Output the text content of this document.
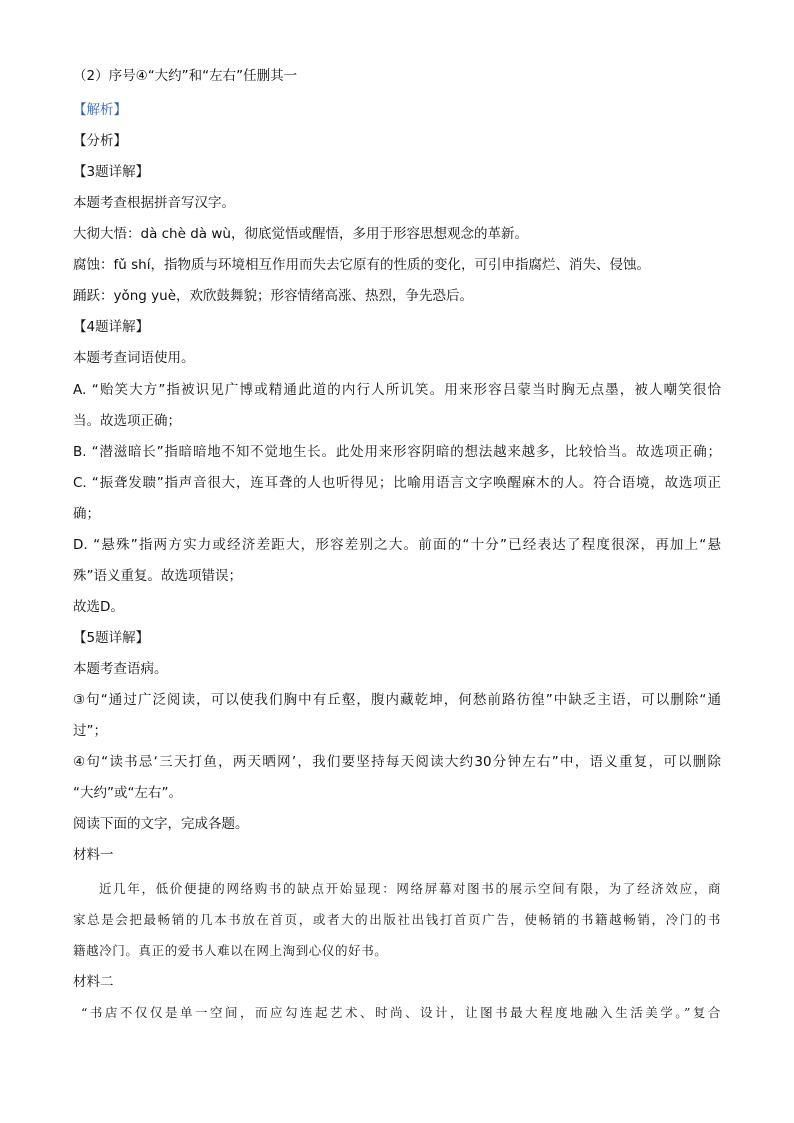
（2）序号④“大约”和“左右”任删其一
【解析】
【分析】
【3题详解】
本题考查根据拼音写汉字。
大彻大悟：dà chè dà wù，彻底觉悟或醒悟，多用于形容思想观念的革新。
腐蚀：fǔ shí，指物质与环境相互作用而失去它原有的性质的变化，可引申指腐烂、消失、侵蚀。
踊跃：yǒng yuè，欢欣鼓舞貌；形容情绪高涨、热烈，争先恐后。
【4题详解】
本题考查词语使用。
A. “贻笑大方”指被识见广博或精通此道的内行人所讥笑。用来形容吕蒙当时胸无点墨，被人嘲笑很恰
当。故选项正确；
B. “潜滋暗长”指暗暗地不知不觉地生长。此处用来形容阴暗的想法越来越多，比较恰当。故选项正确；
C. “振聋发聩”指声音很大，连耳聋的人也听得见；比喻用语言文字唤醒麻木的人。符合语境，故选项正
确；
D. “悬殊”指两方实力或经济差距大，形容差别之大。前面的“十分”已经表达了程度很深，再加上“悬
殊”语义重复。故选项错误；
故选D。
【5题详解】
本题考查语病。
③句“通过广泛阅读，可以使我们胸中有丘壑，腹内藏乾坤，何愁前路彷徨”中缺乏主语，可以删除“通
过”；
④句“读书忌‘三天打鱼，两天晒网’，我们要坚持每天阅读大约30分钟左右”中，语义重复，可以删除
“大约”或“左右”。
阅读下面的文字，完成各题。
材料一
近几年，低价便捷的网络购书的缺点开始显现：网络屏幕对图书的展示空间有限，为了经济效应，商
家总是会把最畅销的几本书放在首页，或者大的出版社出钱打首页广告，使畅销的书籍越畅销，冷门的书
籍越冷门。真正的爱书人难以在网上淘到心仪的好书。
材料二
“书店不仅仅是单一空间，而应勾连起艺术、时尚、设计，让图书最大程度地融入生活美学。”复合
